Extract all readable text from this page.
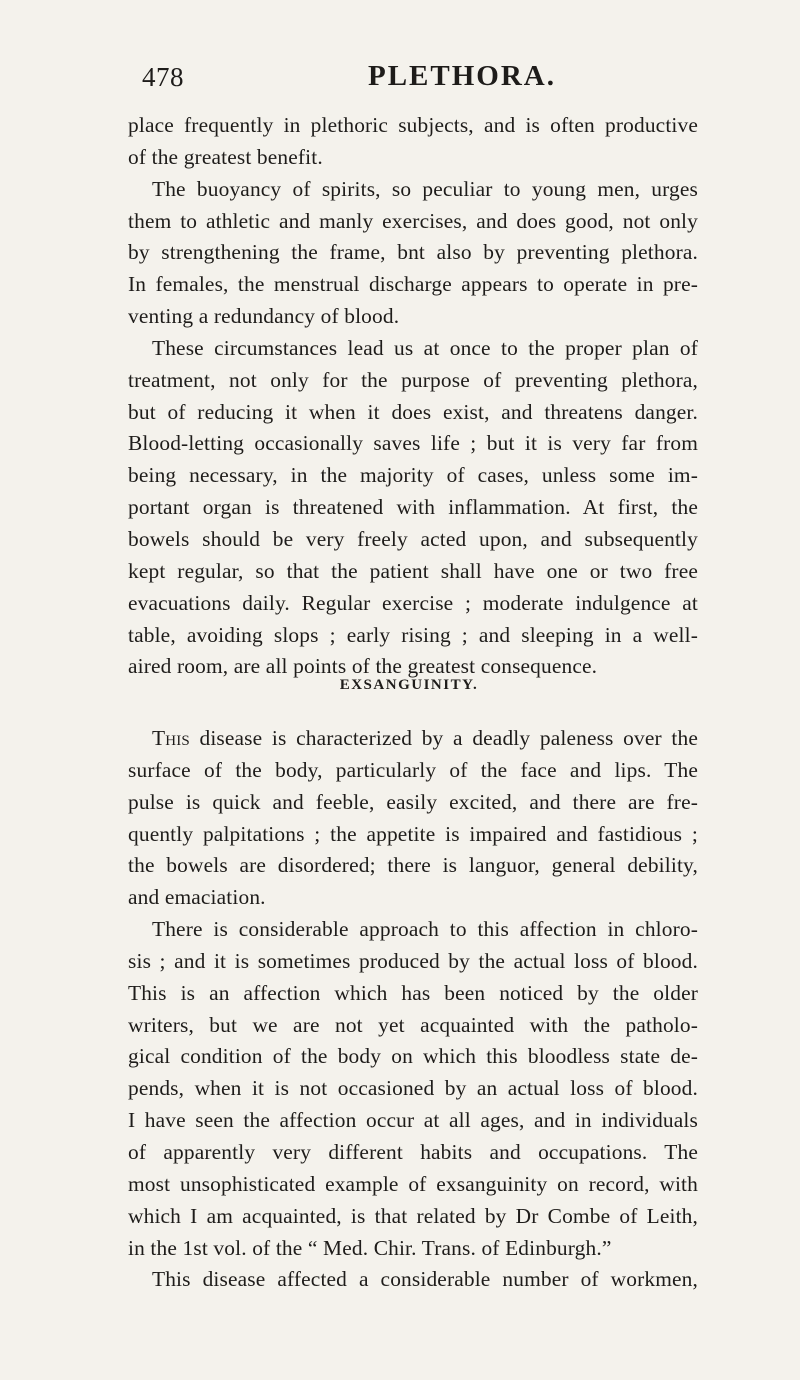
478	PLETHORA.
place frequently in plethoric subjects, and is often productive
of the greatest benefit.
The buoyancy of spirits, so peculiar to young men, urges
them to athletic and manly exercises, and does good, not only
by strengthening the frame, bnt also by preventing plethora.
In females, the menstrual discharge appears to operate in pre-
venting a redundancy of blood.
These circumstances lead us at once to the proper plan of
treatment, not only for the purpose of preventing plethora,
but of reducing it when it does exist, and threatens danger.
Blood-letting occasionally saves life ; but it is very far from
being necessary, in the majority of cases, unless some im-
portant organ is threatened with inflammation. At first, the
bowels should be very freely acted upon, and subsequently
kept regular, so that the patient shall have one or two free
evacuations daily. Regular exercise ; moderate indulgence at
table, avoiding slops ; early rising ; and sleeping in a well-
aired room, are all points of the greatest consequence.
EXSANGUINITY.
This disease is characterized by a deadly paleness over the
surface of the body, particularly of the face and lips. The
pulse is quick and feeble, easily excited, and there are fre-
quently palpitations ; the appetite is impaired and fastidious ;
the bowels are disordered; there is languor, general debility,
and emaciation.
There is considerable approach to this affection in chloro-
sis ; and it is sometimes produced by the actual loss of blood.
This is an affection which has been noticed by the older
writers, but we are not yet acquainted with the patholo-
gical condition of the body on which this bloodless state de-
pends, when it is not occasioned by an actual loss of blood.
I have seen the affection occur at all ages, and in individuals
of apparently very different habits and occupations. The
most unsophisticated example of exsanguinity on record, with
which I am acquainted, is that related by Dr Combe of Leith,
in the 1st vol. of the “ Med. Chir. Trans. of Edinburgh.”
This disease affected a considerable number of workmen,
